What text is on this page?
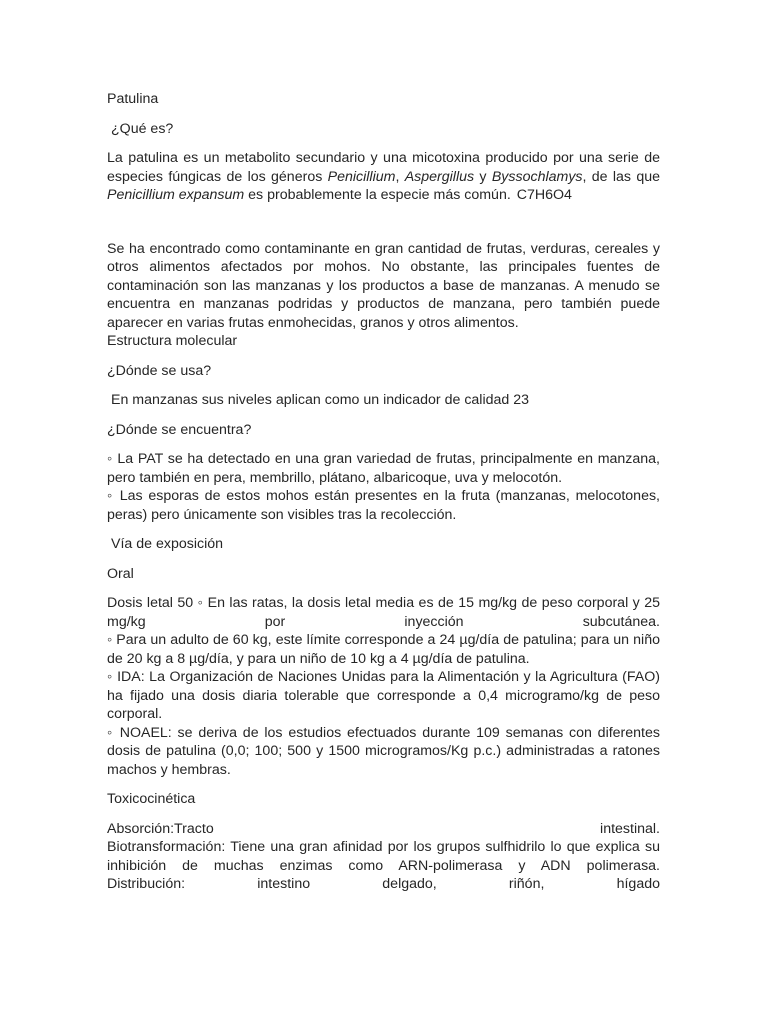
Patulina

¿Qué es?

La patulina es un metabolito secundario y una micotoxina producido por una serie de especies fúngicas de los géneros Penicillium, Aspergillus y Byssochlamys, de las que Penicillium expansum es probablemente la especie más común. C7H6O4

Se ha encontrado como contaminante en gran cantidad de frutas, verduras, cereales y otros alimentos afectados por mohos. No obstante, las principales fuentes de contaminación son las manzanas y los productos a base de manzanas. A menudo se encuentra en manzanas podridas y productos de manzana, pero también puede aparecer en varias frutas enmohecidas, granos y otros alimentos.
Estructura molecular

¿Dónde se usa?

En manzanas sus niveles aplican como un indicador de calidad 23

¿Dónde se encuentra?

◦ La PAT se ha detectado en una gran variedad de frutas, principalmente en manzana, pero también en pera, membrillo, plátano, albaricoque, uva y melocotón.
◦ Las esporas de estos mohos están presentes en la fruta (manzanas, melocotones, peras) pero únicamente son visibles tras la recolección.

Vía de exposición

Oral

Dosis letal 50 ◦ En las ratas, la dosis letal media es de 15 mg/kg de peso corporal y 25 mg/kg por inyección subcutánea.
◦ Para un adulto de 60 kg, este límite corresponde a 24 µg/día de patulina; para un niño de 20 kg a 8 µg/día, y para un niño de 10 kg a 4 µg/día de patulina.
◦ IDA: La Organización de Naciones Unidas para la Alimentación y la Agricultura (FAO) ha fijado una dosis diaria tolerable que corresponde a 0,4 microgramo/kg de peso corporal.
◦ NOAEL: se deriva de los estudios efectuados durante 109 semanas con diferentes dosis de patulina (0,0; 100; 500 y 1500 microgramos/Kg p.c.) administradas a ratones machos y hembras.

Toxicocinética

Absorción:Tracto intestinal.
Biotransformación: Tiene una gran afinidad por los grupos sulfhidrilo lo que explica su inhibición de muchas enzimas como ARN-polimerasa y ADN polimerasa.
Distribución: intestino delgado, riñón, hígado
